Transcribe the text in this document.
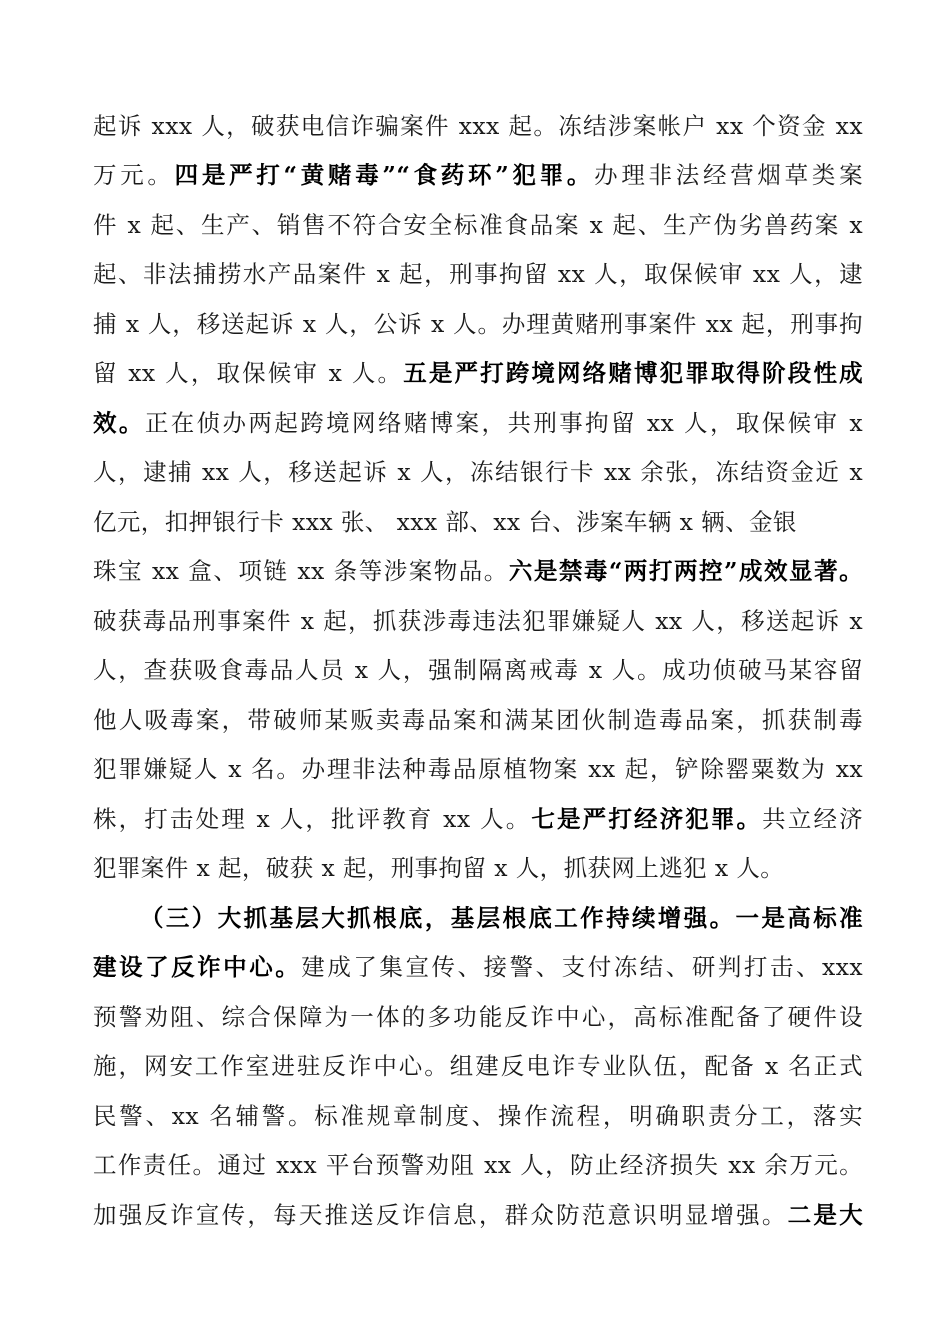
起诉 xxx 人，破获电信诈骗案件 xxx 起。冻结涉案帐户 xx 个资金 xx
万元。四是严打“黄赌毒”“食药环”犯罪。办理非法经营烟草类案
件 x 起、生产、销售不符合安全标准食品案 x 起、生产伪劣兽药案 x
起、非法捕捞水产品案件 x 起，刑事拘留 xx 人，取保候审 xx 人，逮
捕 x 人，移送起诉 x 人，公诉 x 人。办理黄赌刑事案件 xx 起，刑事拘
留 xx 人，取保候审 x 人。五是严打跨境网络赌博犯罪取得阶段性成
效。正在侦办两起跨境网络赌博案，共刑事拘留 xx 人，取保候审 x
人，逮捕 xx 人，移送起诉 x 人，冻结银行卡 xx 余张，冻结资金近 x
亿元，扣押银行卡 xxx 张、 xxx 部、xx 台、涉案车辆 x 辆、金银
珠宝 xx 盒、项链 xx 条等涉案物品。六是禁毒“两打两控”成效显著。
破获毒品刑事案件 x 起，抓获涉毒违法犯罪嫌疑人 xx 人，移送起诉 x
人，查获吸食毒品人员 x 人，强制隔离戒毒 x 人。成功侦破马某容留
他人吸毒案，带破师某贩卖毒品案和满某团伙制造毒品案，抓获制毒
犯罪嫌疑人 x 名。办理非法种毒品原植物案 xx 起，铲除罂粟数为 xx
株，打击处理 x 人，批评教育 xx 人。七是严打经济犯罪。共立经济
犯罪案件 x 起，破获 x 起，刑事拘留 x 人，抓获网上逃犯 x 人。
（三）大抓基层大抓根底，基层根底工作持续增强。一是高标准
建设了反诈中心。建成了集宣传、接警、支付冻结、研判打击、xxx
预警劝阻、综合保障为一体的多功能反诈中心，高标准配备了硬件设
施，网安工作室进驻反诈中心。组建反电诈专业队伍，配备 x 名正式
民警、xx 名辅警。标准规章制度、操作流程，明确职责分工，落实
工作责任。通过 xxx 平台预警劝阻 xx 人，防止经济损失 xx 余万元。
加强反诈宣传，每天推送反诈信息，群众防范意识明显增强。二是大
